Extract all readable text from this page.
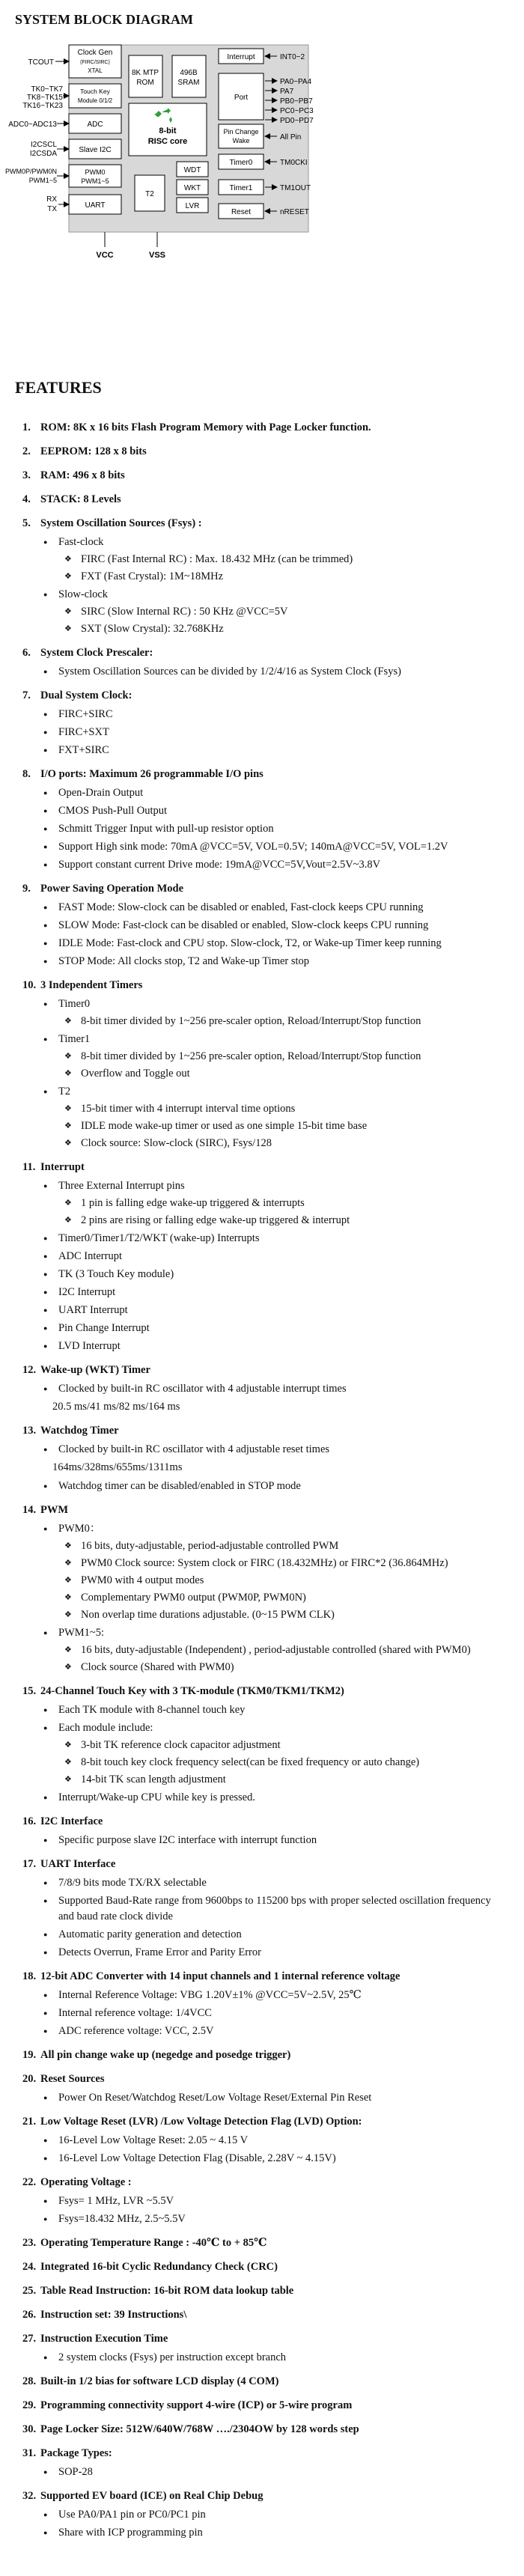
SYSTEM BLOCK DIAGRAM
Clock Gen
(FIRC/SIRC)
XTAL	8K MTP
ROM
496B
SRAM
Interrupt
Port
Touch Key
Module 0/1/2
ADC
8-bit
RISC core
Pin Change
Wake
Slave I2C
Timer0
PWM0
PWM1~5
WDT
WKT
LVR
T2
UART
Timer1
Reset
VCC	VSS
TCOUT
TK0~TK7
TK8~TK15
TK16~TK23
ADC0~ADC13
I2CSCL
I2CSDA
PWM0P/PWM0N
PWM1~5
RX
TX
INT0~2
PA0~PA4
PA7
PB0~PB7
PC0~PC3
PD0~PD7
All Pin
TM0CKI
TM1OUT
nRESET
FEATURES
1. ROM: 8K x 16 bits Flash Program Memory with Page Locker function.
2. EEPROM: 128 x 8 bits
3. RAM: 496 x 8 bits
4. STACK: 8 Levels
5. System Oscillation Sources (Fsys) :
● Fast-clock
❖ FIRC (Fast Internal RC) : Max. 18.432 MHz (can be trimmed)
❖ FXT (Fast Crystal): 1M~18MHz
● Slow-clock
❖ SIRC (Slow Internal RC) : 50 KHz @VCC=5V
❖ SXT (Slow Crystal): 32.768KHz
6. System Clock Prescaler:
● System Oscillation Sources can be divided by 1/2/4/16 as System Clock (Fsys)
7. Dual System Clock:
● FIRC+SIRC
● FIRC+SXT
● FXT+SIRC
8. I/O ports: Maximum 26 programmable I/O pins
● Open-Drain Output
● CMOS Push-Pull Output
● Schmitt Trigger Input with pull-up resistor option
● Support High sink mode: 70mA @VCC=5V, VOL=0.5V; 140mA@VCC=5V, VOL=1.2V
● Support constant current Drive mode: 19mA@VCC=5V,Vout=2.5V~3.8V
9. Power Saving Operation Mode
● FAST Mode: Slow-clock can be disabled or enabled, Fast-clock keeps CPU running
● SLOW Mode: Fast-clock can be disabled or enabled, Slow-clock keeps CPU running
● IDLE Mode: Fast-clock and CPU stop. Slow-clock, T2, or Wake-up Timer keep running
● STOP Mode: All clocks stop, T2 and Wake-up Timer stop
10. 3 Independent Timers
● Timer0
❖ 8-bit timer divided by 1~256 pre-scaler option, Reload/Interrupt/Stop function
● Timer1
❖ 8-bit timer divided by 1~256 pre-scaler option, Reload/Interrupt/Stop function
❖ Overflow and Toggle out
● T2
❖ 15-bit timer with 4 interrupt interval time options
❖ IDLE mode wake-up timer or used as one simple 15-bit time base
❖ Clock source: Slow-clock (SIRC), Fsys/128
11. Interrupt
● Three External Interrupt pins
❖ 1 pin is falling edge wake-up triggered & interrupts
❖ 2 pins are rising or falling edge wake-up triggered & interrupt
● Timer0/Timer1/T2/WKT (wake-up) Interrupts
● ADC Interrupt
● TK (3 Touch Key module)
● I2C Interrupt
● UART Interrupt
● Pin Change Interrupt
● LVD Interrupt
12. Wake-up (WKT) Timer
● Clocked by built-in RC oscillator with 4 adjustable interrupt times
20.5 ms/41 ms/82 ms/164 ms
13. Watchdog Timer
● Clocked by built-in RC oscillator with 4 adjustable reset times
164ms/328ms/655ms/1311ms
● Watchdog timer can be disabled/enabled in STOP mode
14. PWM
● PWM0：
❖ 16 bits, duty-adjustable, period-adjustable controlled PWM
❖ PWM0 Clock source: System clock or FIRC (18.432MHz) or FIRC*2 (36.864MHz)
❖ PWM0 with 4 output modes
❖ Complementary PWM0 output (PWM0P, PWM0N)
❖ Non overlap time durations adjustable. (0~15 PWM CLK)
● PWM1~5:
❖ 16 bits, duty-adjustable (Independent) , period-adjustable controlled (shared with PWM0)
❖ Clock source (Shared with PWM0)
15. 24-Channel Touch Key with 3 TK-module (TKM0/TKM1/TKM2)
● Each TK module with 8-channel touch key
● Each module include:
❖ 3-bit TK reference clock capacitor adjustment
❖ 8-bit touch key clock frequency select(can be fixed frequency or auto change)
❖ 14-bit TK scan length adjustment
● Interrupt/Wake-up CPU while key is pressed.
16. I2C Interface
● Specific purpose slave I2C interface with interrupt function
17. UART Interface
● 7/8/9 bits mode TX/RX selectable
● Supported Baud-Rate range from 9600bps to 115200 bps with proper selected oscillation frequency and baud rate clock divide
● Automatic parity generation and detection
● Detects Overrun, Frame Error and Parity Error
18. 12-bit ADC Converter with 14 input channels and 1 internal reference voltage
● Internal Reference Voltage: VBG 1.20V±1% @VCC=5V~2.5V, 25℃
● Internal reference voltage: 1/4VCC
● ADC reference voltage: VCC, 2.5V
19. All pin change wake up (negedge and posedge trigger)
20. Reset Sources
● Power On Reset/Watchdog Reset/Low Voltage Reset/External Pin Reset
21. Low Voltage Reset (LVR) /Low Voltage Detection Flag (LVD) Option:
● 16-Level Low Voltage Reset: 2.05 ~ 4.15 V
● 16-Level Low Voltage Detection Flag (Disable, 2.28V ~ 4.15V)
22. Operating Voltage :
● Fsys= 1 MHz, LVR ~5.5V
● Fsys=18.432 MHz, 2.5~5.5V
23. Operating Temperature Range : -40℃ to + 85℃
24. Integrated 16-bit Cyclic Redundancy Check (CRC)
25. Table Read Instruction: 16-bit ROM data lookup table
26. Instruction set: 39 Instructions\
27. Instruction Execution Time
● 2 system clocks (Fsys) per instruction except branch
28. Built-in 1/2 bias for software LCD display (4 COM)
29. Programming connectivity support 4-wire (ICP) or 5-wire program
30. Page Locker Size: 512W/640W/768W …./2304OW by 128 words step
31. Package Types:
● SOP-28
32. Supported EV board (ICE) on Real Chip Debug
● Use PA0/PA1 pin or PC0/PC1 pin
● Share with ICP programming pin
